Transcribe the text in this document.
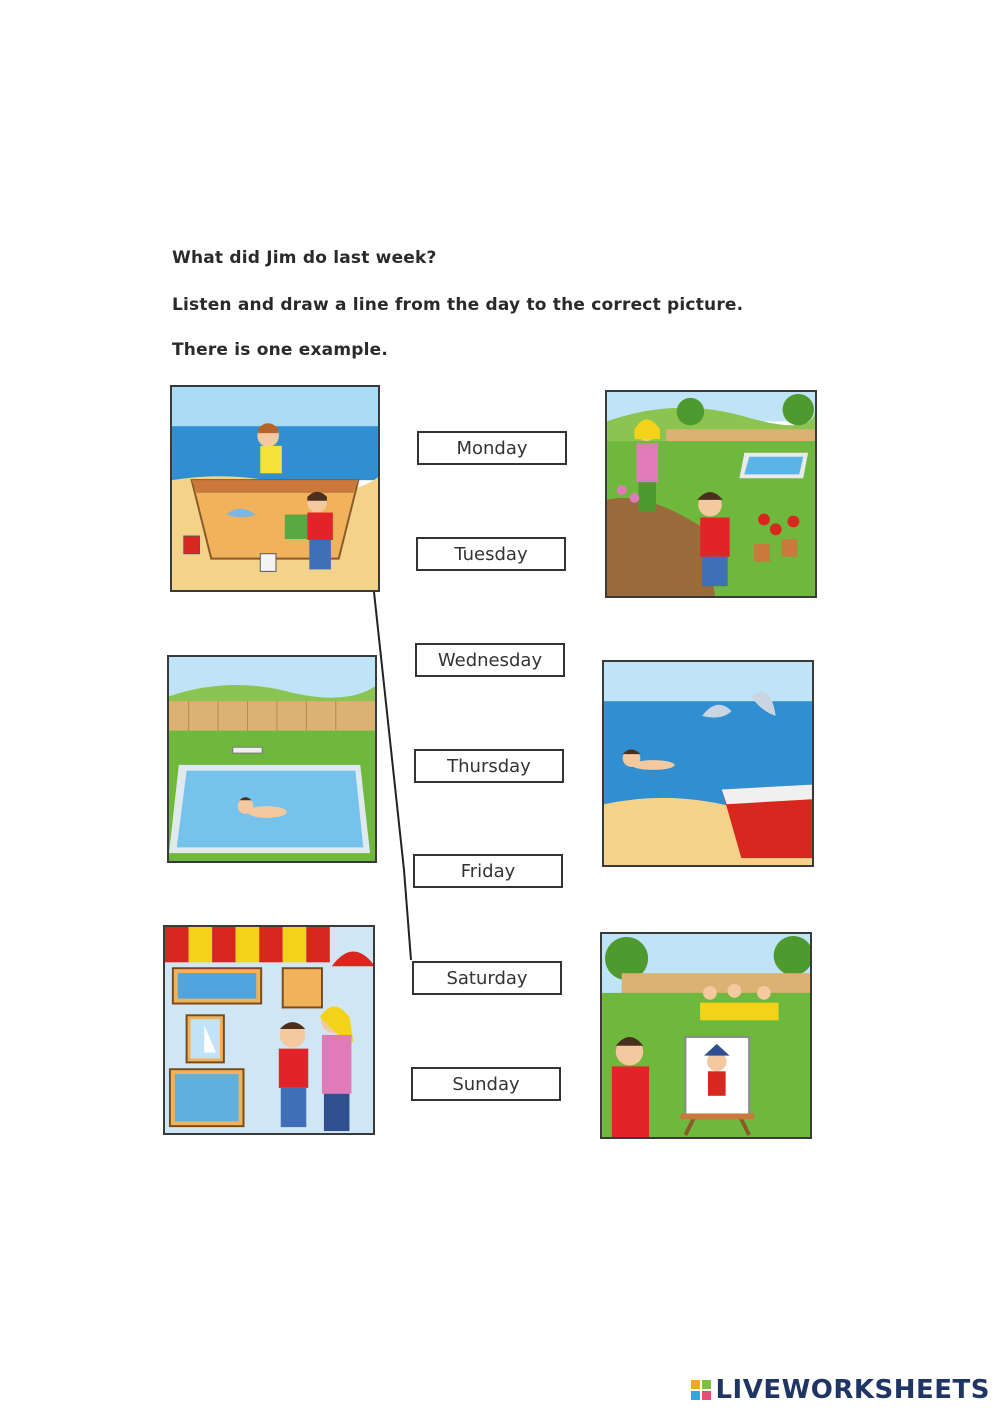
What did Jim do last week?
Listen and draw a line from the day to the correct picture.
There is one example.
Monday
Tuesday
Wednesday
Thursday
Friday
Saturday
Sunday
LIVEWORKSHEETS
